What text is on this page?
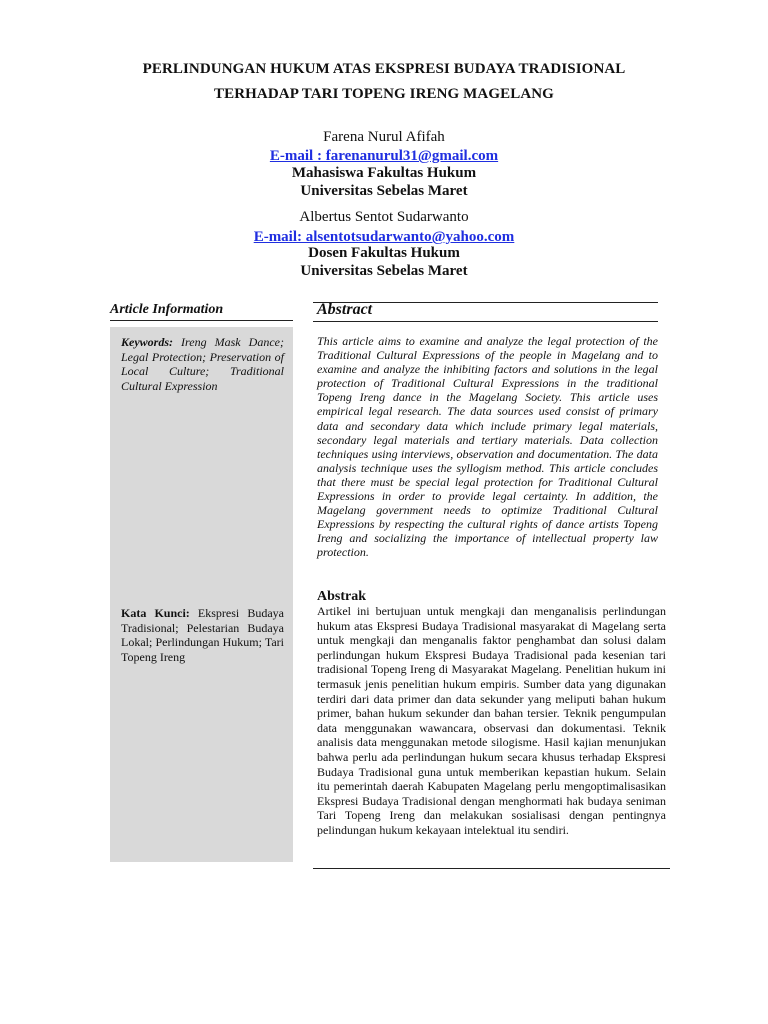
PERLINDUNGAN HUKUM ATAS EKSPRESI BUDAYA TRADISIONAL
TERHADAP TARI TOPENG IRENG MAGELANG
Farena Nurul Afifah
E-mail : farenanurul31@gmail.com
Mahasiswa Fakultas Hukum
Universitas Sebelas Maret
Albertus Sentot Sudarwanto
E-mail: alsentotsudarwanto@yahoo.com
Dosen Fakultas Hukum
Universitas Sebelas Maret
Article Information
Keywords: Ireng Mask Dance; Legal Protection; Preservation of Local Culture; Traditional Cultural Expression
Kata Kunci: Ekspresi Budaya Tradisional; Pelestarian Budaya Lokal; Perlindungan Hukum; Tari Topeng Ireng
Abstract
This article aims to examine and analyze the legal protection of the Traditional Cultural Expressions of the people in Magelang and to examine and analyze the inhibiting factors and solutions in the legal protection of Traditional Cultural Expressions in the traditional Topeng Ireng dance in the Magelang Society. This article uses empirical legal research. The data sources used consist of primary data and secondary data which include primary legal materials, secondary legal materials and tertiary materials. Data collection techniques using interviews, observation and documentation. The data analysis technique uses the syllogism method. This article concludes that there must be special legal protection for Traditional Cultural Expressions in order to provide legal certainty. In addition, the Magelang government needs to optimize Traditional Cultural Expressions by respecting the cultural rights of dance artists Topeng Ireng and socializing the importance of intellectual property law protection.
Abstrak
Artikel ini bertujuan untuk mengkaji dan menganalisis perlindungan hukum atas Ekspresi Budaya Tradisional masyarakat di Magelang serta untuk mengkaji dan menganalis faktor penghambat dan solusi dalam perlindungan hukum Ekspresi Budaya Tradisional pada kesenian tari tradisional Topeng Ireng di Masyarakat Magelang. Penelitian hukum ini termasuk jenis penelitian hukum empiris. Sumber data yang digunakan terdiri dari data primer dan data sekunder yang meliputi bahan hukum primer, bahan hukum sekunder dan bahan tersier. Teknik pengumpulan data menggunakan wawancara, observasi dan dokumentasi. Teknik analisis data menggunakan metode silogisme. Hasil kajian menunjukan bahwa perlu ada perlindungan hukum secara khusus terhadap Ekspresi Budaya Tradisional guna untuk memberikan kepastian hukum. Selain itu pemerintah daerah Kabupaten Magelang perlu mengoptimalisasikan Ekspresi Budaya Tradisional dengan menghormati hak budaya seniman Tari Topeng Ireng dan melakukan sosialisasi dengan pentingnya pelindungan hukum kekayaan intelektual itu sendiri.
